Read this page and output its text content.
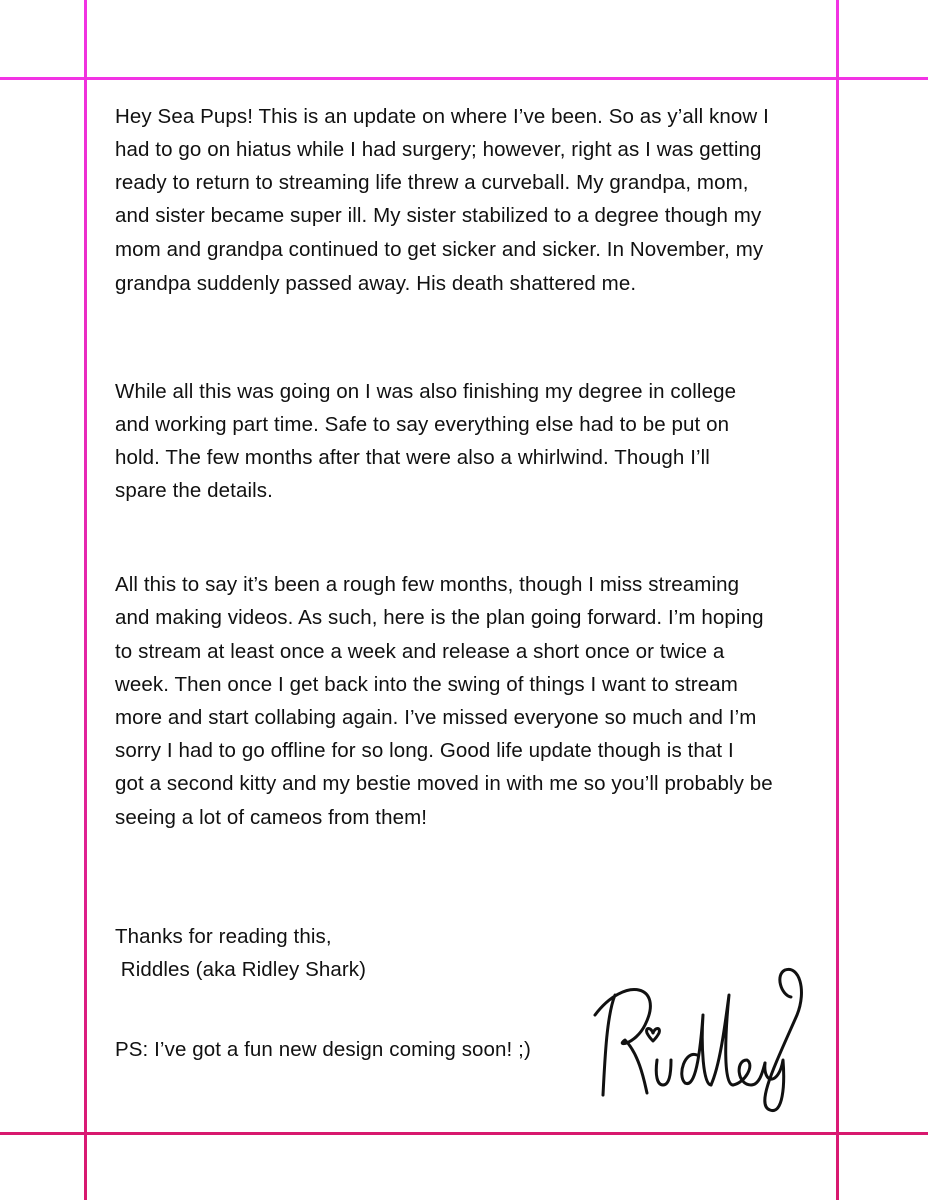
Hey Sea Pups! This is an update on where I’ve been. So as y’all know I
had to go on hiatus while I had surgery; however, right as I was getting
ready to return to streaming life threw a curveball. My grandpa, mom,
and sister became super ill. My sister stabilized to a degree though my
mom and grandpa continued to get sicker and sicker. In November, my
grandpa suddenly passed away. His death shattered me.
While all this was going on I was also finishing my degree in college
and working part time. Safe to say everything else had to be put on
hold. The few months after that were also a whirlwind. Though I’ll
spare the details.
All this to say it’s been a rough few months, though I miss streaming
and making videos. As such, here is the plan going forward. I’m hoping
to stream at least once a week and release a short once or twice a
week. Then once I get back into the swing of things I want to stream
more and start collabing again. I’ve missed everyone so much and I’m
sorry I had to go offline for so long. Good life update though is that I
got a second kitty and my bestie moved in with me so you’ll probably be
seeing a lot of cameos from them!
Thanks for reading this,
Riddles (aka Ridley Shark)
PS: I’ve got a fun new design coming soon! ;)
